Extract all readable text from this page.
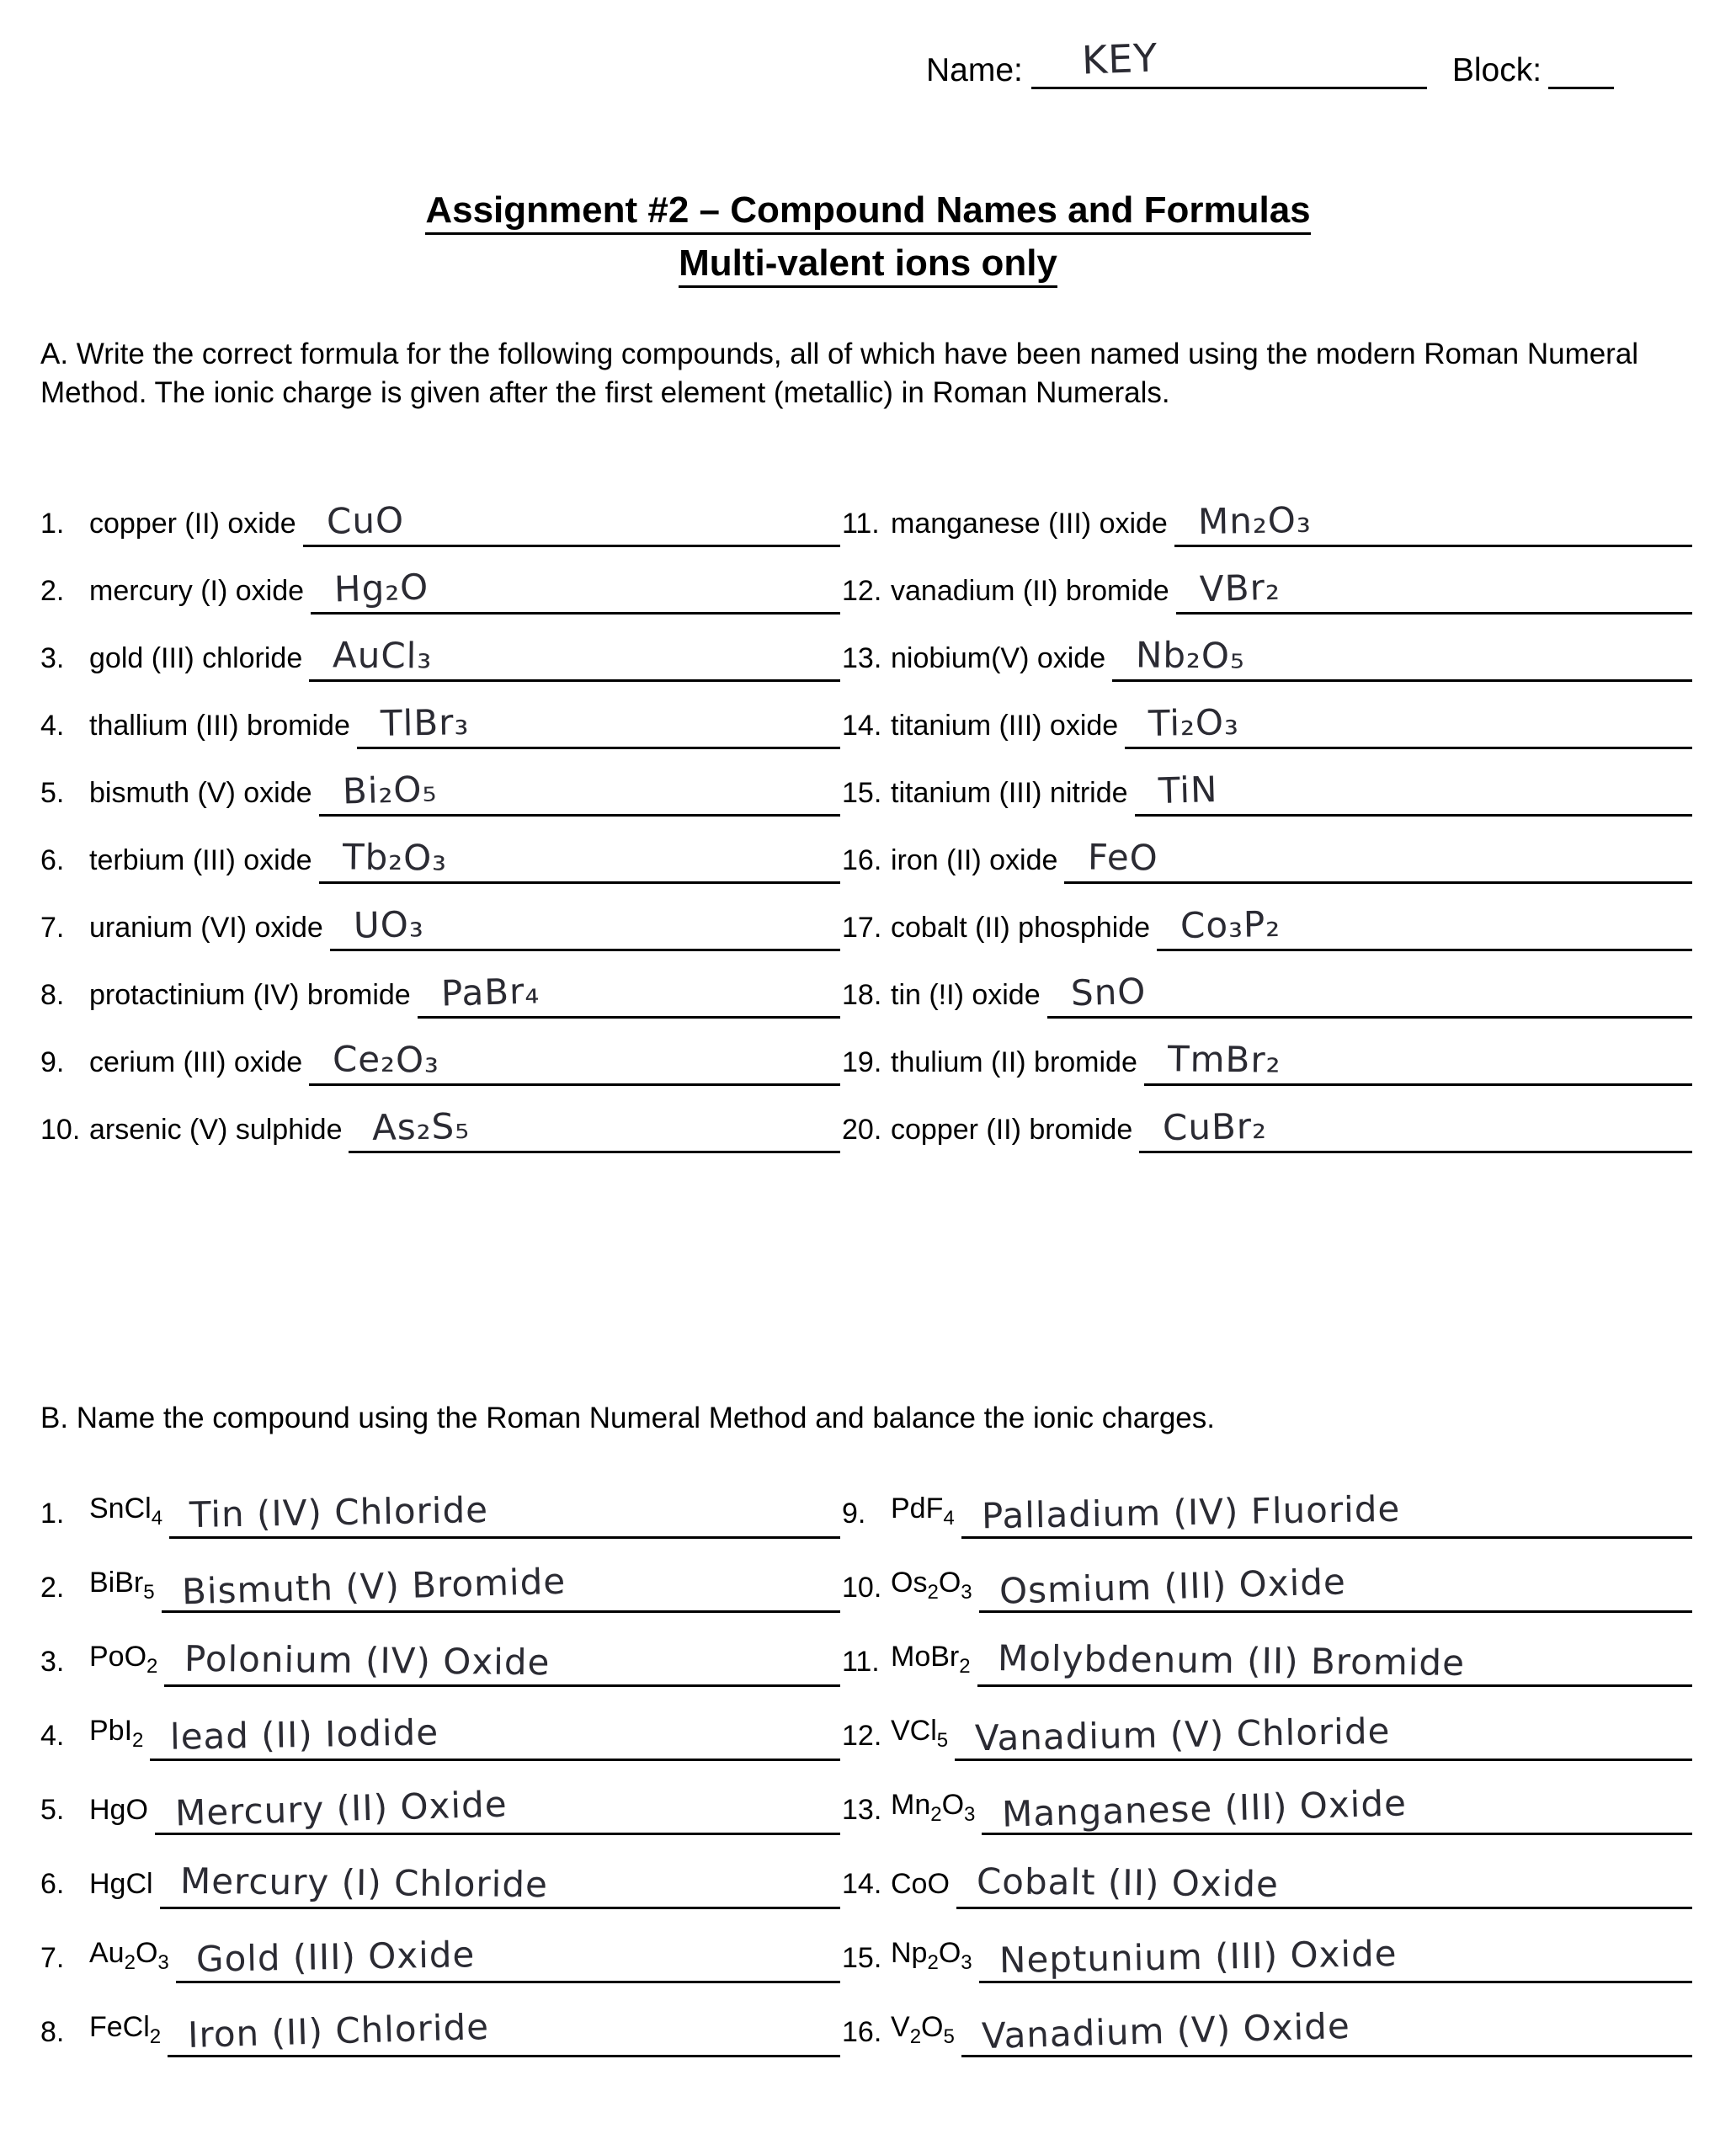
Name: KEY	Block:
Assignment #2 – Compound Names and Formulas
Multi-valent ions only
A. Write the correct formula for the following compounds, all of which have been named using the modern Roman Numeral Method. The ionic charge is given after the first element (metallic) in Roman Numerals.
1. copper (II) oxide CuO
2. mercury (I) oxide Hg₂O
3. gold (III) chloride AuCl₃
4. thallium (III) bromide TlBr₃
5. bismuth (V) oxide Bi₂O₅
6. terbium (III) oxide Tb₂O₃
7. uranium (VI) oxide UO₃
8. protactinium (IV) bromide PaBr₄
9. cerium (III) oxide Ce₂O₃
10. arsenic (V) sulphide As₂S₅
11. manganese (III) oxide Mn₂O₃
12. vanadium (II) bromide VBr₂
13. niobium(V) oxide Nb₂O₅
14. titanium (III) oxide Ti₂O₃
15. titanium (III) nitride TiN
16. iron (II) oxide FeO
17. cobalt (II) phosphide Co₃P₂
18. tin (!I) oxide SnO
19. thulium (II) bromide TmBr₂
20. copper (II) bromide CuBr₂
B. Name the compound using the Roman Numeral Method and balance the ionic charges.
1. SnCl$_4$ Tin (IV) Chloride
2. BiBr$_5$ Bismuth (V) Bromide
3. PoO$_2$ Polonium (IV) Oxide
4. PbI$_2$ lead (II) Iodide
5. HgO Mercury (II) Oxide
6. HgCl Mercury (I) Chloride
7. $Au_2O_3$ Gold (III) Oxide
8. FeCl$_2$ Iron (II) Chloride
9. PdF$_4$ Palladium (IV) Fluoride
10. $Os_2O_3$ Osmium (III) Oxide
11. MoBr$_2$ Molybdenum (II) Bromide
12. VCl$_5$ Vanadium (V) Chloride
13. $Mn_2O_3$ Manganese (III) Oxide
14. CoO Cobalt (II) Oxide
15. $Np_2O_3$ Neptunium (III) Oxide
16. $V_2O_5$ Vanadium (V) Oxide
